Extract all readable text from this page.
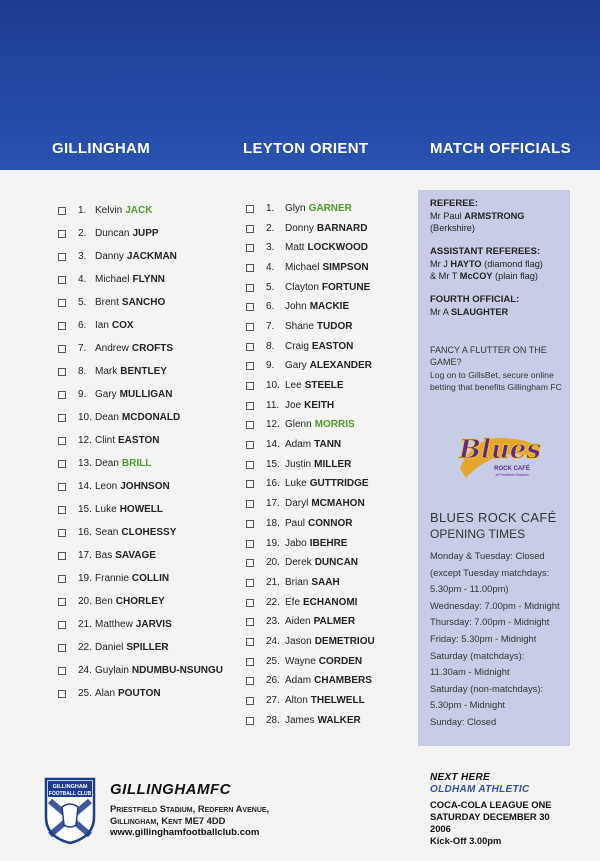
GILLINGHAM	LEYTON ORIENT	MATCH OFFICIALS
1. Kelvin JACK
2. Duncan JUPP
3. Danny JACKMAN
4. Michael FLYNN
5. Brent SANCHO
6. Ian COX
7. Andrew CROFTS
8. Mark BENTLEY
9. Gary MULLIGAN
10. Dean MCDONALD
12. Clint EASTON
13. Dean BRILL
14. Leon JOHNSON
15. Luke HOWELL
16. Sean CLOHESSY
17. Bas SAVAGE
19. Frannie COLLIN
20. Ben CHORLEY
21. Matthew JARVIS
22. Daniel SPILLER
24. Guylain NDUMBU-NSUNGU
25. Alan POUTON
1.	Glyn GARNER
2.	Donny BARNARD
3.	Matt LOCKWOOD
4.	Michael SIMPSON
5.	Clayton FORTUNE
6.	John MACKIE
7.	Shane TUDOR
8.	Craig EASTON
9.	Gary ALEXANDER
10. Lee STEELE
11. Joe KEITH
12. Glenn MORRIS
14. Adam TANN
15. Justin MILLER
16. Luke GUTTRIDGE
17. Daryl MCMAHON
18. Paul CONNOR
19. Jabo IBEHRE
20. Derek DUNCAN
21. Brian SAAH
22. Efe ECHANOMI
23. Aiden PALMER
24. Jason DEMETRIOU
25. Wayne CORDEN
26. Adam CHAMBERS
27. Alton THELWELL
28. James WALKER
REFEREE:
Mr Paul ARMSTRONG (Berkshire)
ASSISTANT REFEREES:
Mr J HAYTO (diamond flag)
& Mr T McCOY (plain flag)
FOURTH OFFICIAL:
Mr A SLAUGHTER
FANCY A FLUTTER ON THE GAME?
Log on to GillsBet, secure online
betting that benefits Gillingham FC
Blues
ROCK CAFÉ
at Priestfield Stadium
BLUES ROCK CAFÉ
OPENING TIMES
Monday & Tuesday: Closed
(except Tuesday matchdays:
5.30pm - 11.00pm)
Wednesday: 7.00pm - Midnight
Thursday: 7.00pm - Midnight
Friday: 5.30pm - Midnight
Saturday (matchdays):
11.30am - Midnight
Saturday (non-matchdays):
5.30pm - Midnight
Sunday: Closed
NEXT HERE
OLDHAM ATHLETIC
COCA-COLA LEAGUE ONE
SATURDAY DECEMBER 30 2006
Kick-Off 3.00pm
GILLINGHAM
FOOTBALL CLUB GILLINGHAMFC
Priestfield Stadium, Redfern Avenue,
Gillingham, Kent ME7 4DD
www.gillinghamfootballclub.com
